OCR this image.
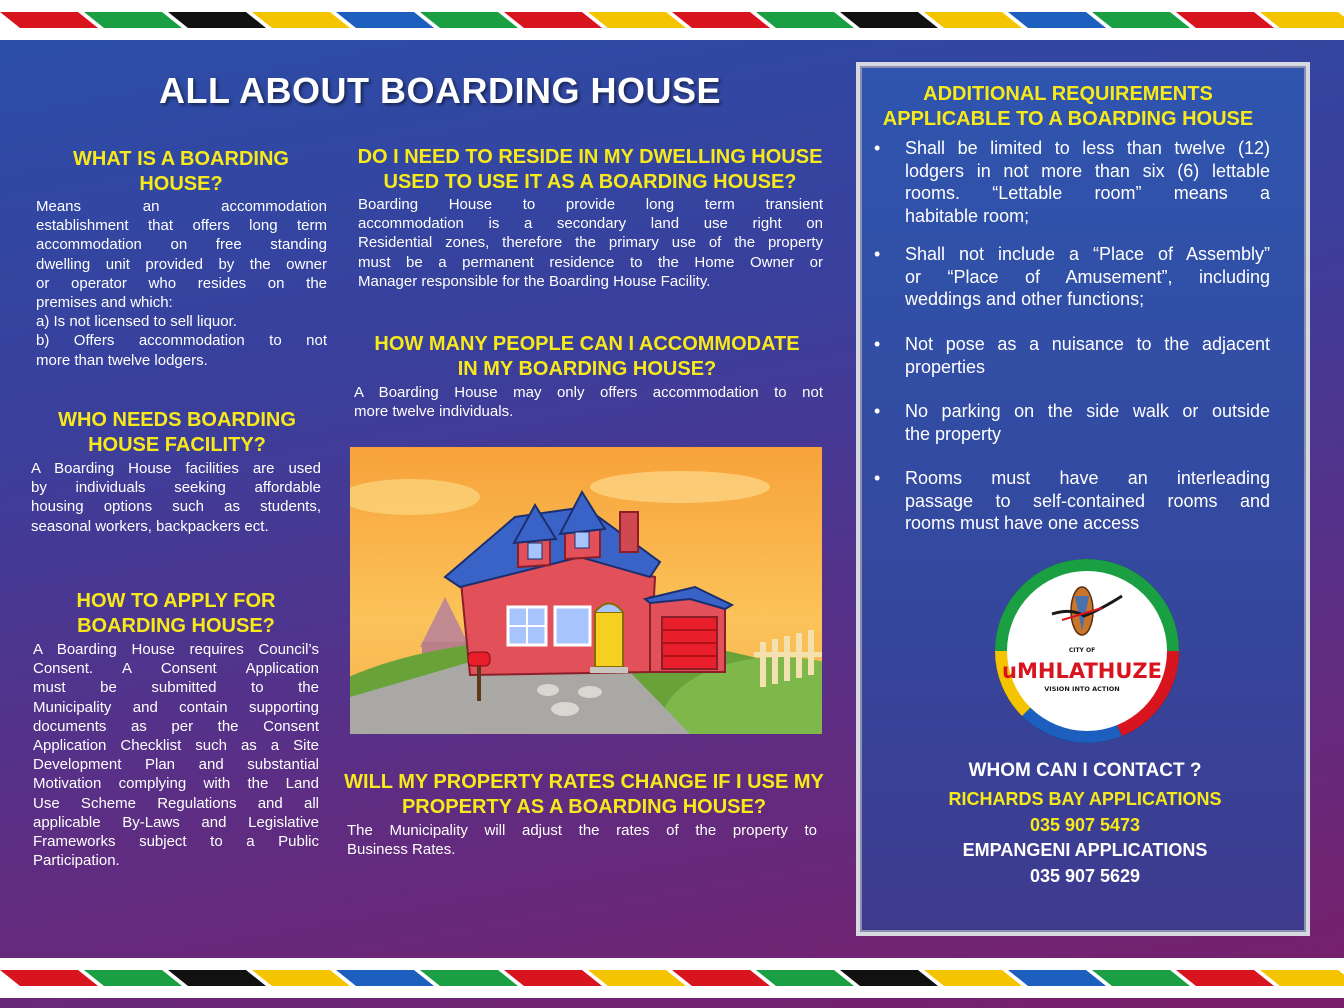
ALL ABOUT BOARDING HOUSE
WHAT IS A BOARDING
HOUSE?
Means an accommodation
establishment that offers long term
accommodation on free standing
dwelling unit provided by the owner
or operator who resides on the
premises and which:
a) Is not licensed to sell liquor.
b) Offers accommodation to not
more than twelve lodgers.
WHO NEEDS BOARDING
HOUSE FACILITY?
A Boarding House facilities are used
by individuals seeking affordable
housing options such as students,
seasonal workers, backpackers ect.
HOW TO APPLY FOR
BOARDING HOUSE?
A Boarding House requires Council’s
Consent. A Consent Application
must be submitted to the
Municipality and contain supporting
documents as per the Consent
Application Checklist such as a Site
Development Plan and substantial
Motivation complying with the Land
Use Scheme Regulations and all
applicable By-Laws and Legislative
Frameworks subject to a Public
Participation.
DO I NEED TO RESIDE IN MY DWELLING HOUSE
USED TO USE IT AS A BOARDING HOUSE?
Boarding House to provide long term transient
accommodation is a secondary land use right on
Residential zones, therefore the primary use of the property
must be a permanent residence to the Home Owner or
Manager responsible for the Boarding House Facility.
HOW MANY PEOPLE CAN I ACCOMMODATE
IN MY BOARDING HOUSE?
A Boarding House may only offers accommodation to not
more twelve individuals.
WILL MY PROPERTY RATES CHANGE IF I USE MY
PROPERTY AS A BOARDING HOUSE?
The Municipality will adjust the rates of the property to
Business Rates.
ADDITIONAL REQUIREMENTS
APPLICABLE TO A BOARDING HOUSE
• Shall be limited to less than twelve (12)
lodgers in not more than six (6) lettable
rooms. “Lettable room” means a
habitable room;
• Shall not include a “Place of Assembly”
or “Place of Amusement”, including
weddings and other functions;
• Not pose as a nuisance to the adjacent
properties
• No parking on the side walk or outside
the property
• Rooms must have an interleading
passage to self-contained rooms and
rooms must have one access
CITY OF
uMHLATHUZE
VISION INTO ACTION
WHOM CAN I CONTACT ?
RICHARDS BAY APPLICATIONS
035 907 5473
EMPANGENI APPLICATIONS
035 907 5629
